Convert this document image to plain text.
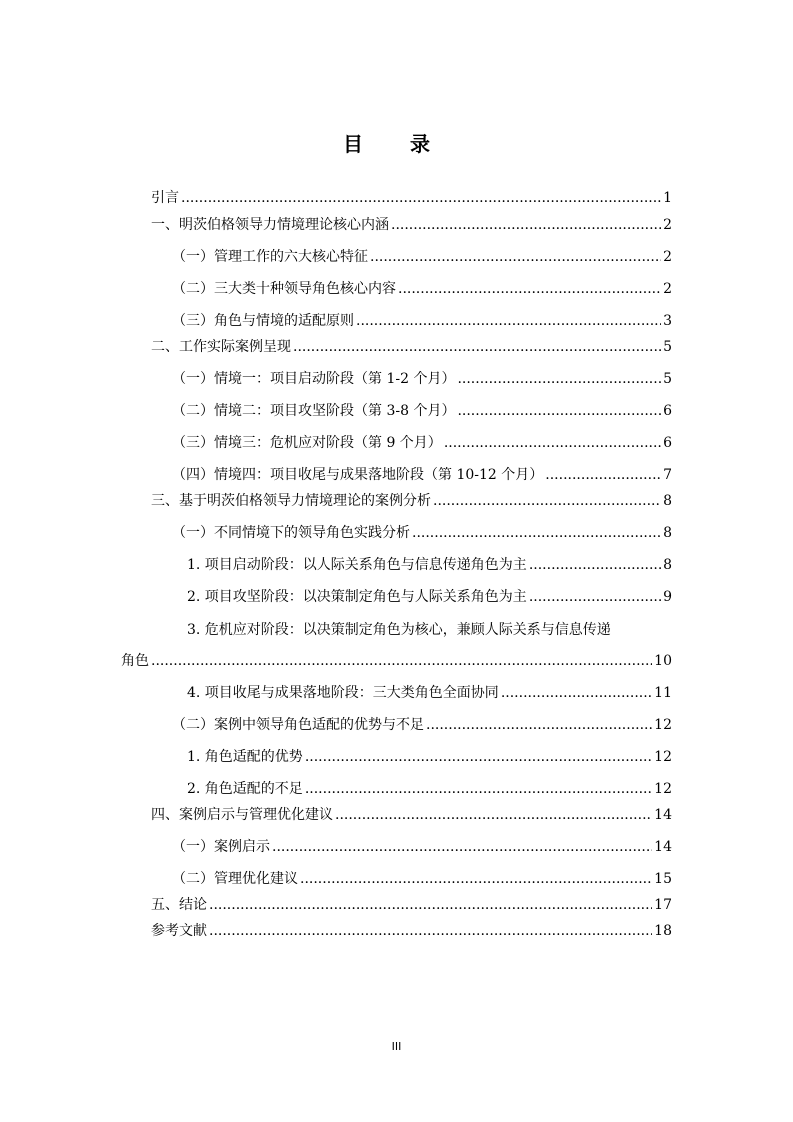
目 录
引言 .....	1
一、明茨伯格领导力情境理论核心内涵 .....	2
（一）管理工作的六大核心特征 .....	2
（二）三大类十种领导角色核心内容 .....	2
（三）角色与情境的适配原则 .....	3
二、工作实际案例呈现 .....	5
（一）情境一：项目启动阶段（第 1-2 个月） .....	5
（二）情境二：项目攻坚阶段（第 3-8 个月） .....	6
（三）情境三：危机应对阶段（第 9 个月） .....	6
（四）情境四：项目收尾与成果落地阶段（第 10-12 个月） .....	7
三、基于明茨伯格领导力情境理论的案例分析 .....	8
（一）不同情境下的领导角色实践分析 .....	8
1. 项目启动阶段：以人际关系角色与信息传递角色为主 .....	8
2. 项目攻坚阶段：以决策制定角色与人际关系角色为主 .....	9
3. 危机应对阶段：以决策制定角色为核心，兼顾人际关系与信息传递
角色 .....	10
4. 项目收尾与成果落地阶段：三大类角色全面协同 .....	11
（二）案例中领导角色适配的优势与不足 .....	12
1. 角色适配的优势 .....	12
2. 角色适配的不足 .....	12
四、案例启示与管理优化建议 .....	14
（一）案例启示 .....	14
（二）管理优化建议 .....	15
五、结论 .....	17
参考文献 .....	18
III
